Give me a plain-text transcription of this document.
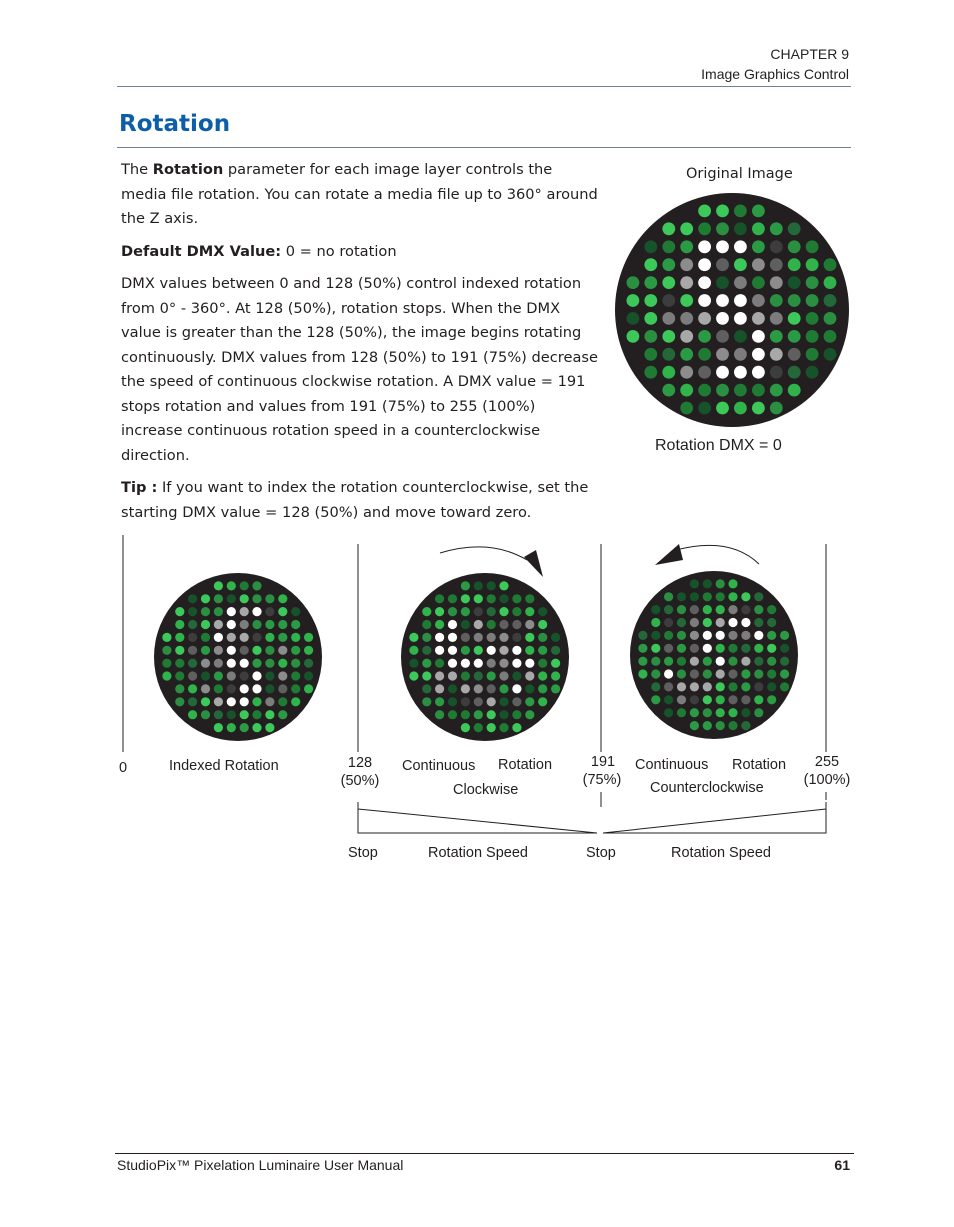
CHAPTER 9
Image Graphics Control
Rotation

The Rotation parameter for each image layer controls the media file rotation. You can rotate a media file up to 360° around the Z axis.

Default DMX Value: 0 = no rotation

DMX values between 0 and 128 (50%) control indexed rotation from 0° - 360°. At 128 (50%), rotation stops. When the DMX value is greater than the 128 (50%), the image begins rotating continuously. DMX values from 128 (50%) to 191 (75%) decrease the speed of continuous clockwise rotation. A DMX value = 191 stops rotation and values from 191 (75%) to 255 (100%) increase continuous rotation speed in a counterclockwise direction.

Tip : If you want to index the rotation counterclockwise, set the starting DMX value = 128 (50%) and move toward zero.

Original Image
Rotation DMX = 0
0	Indexed Rotation	128
(50%)
Continuous Rotation
Clockwise
191
(75%)
Continuous Rotation
Counterclockwise
255
(100%)
Stop	Rotation Speed	Stop	Rotation Speed
StudioPix™ Pixelation Luminaire User Manual	61
